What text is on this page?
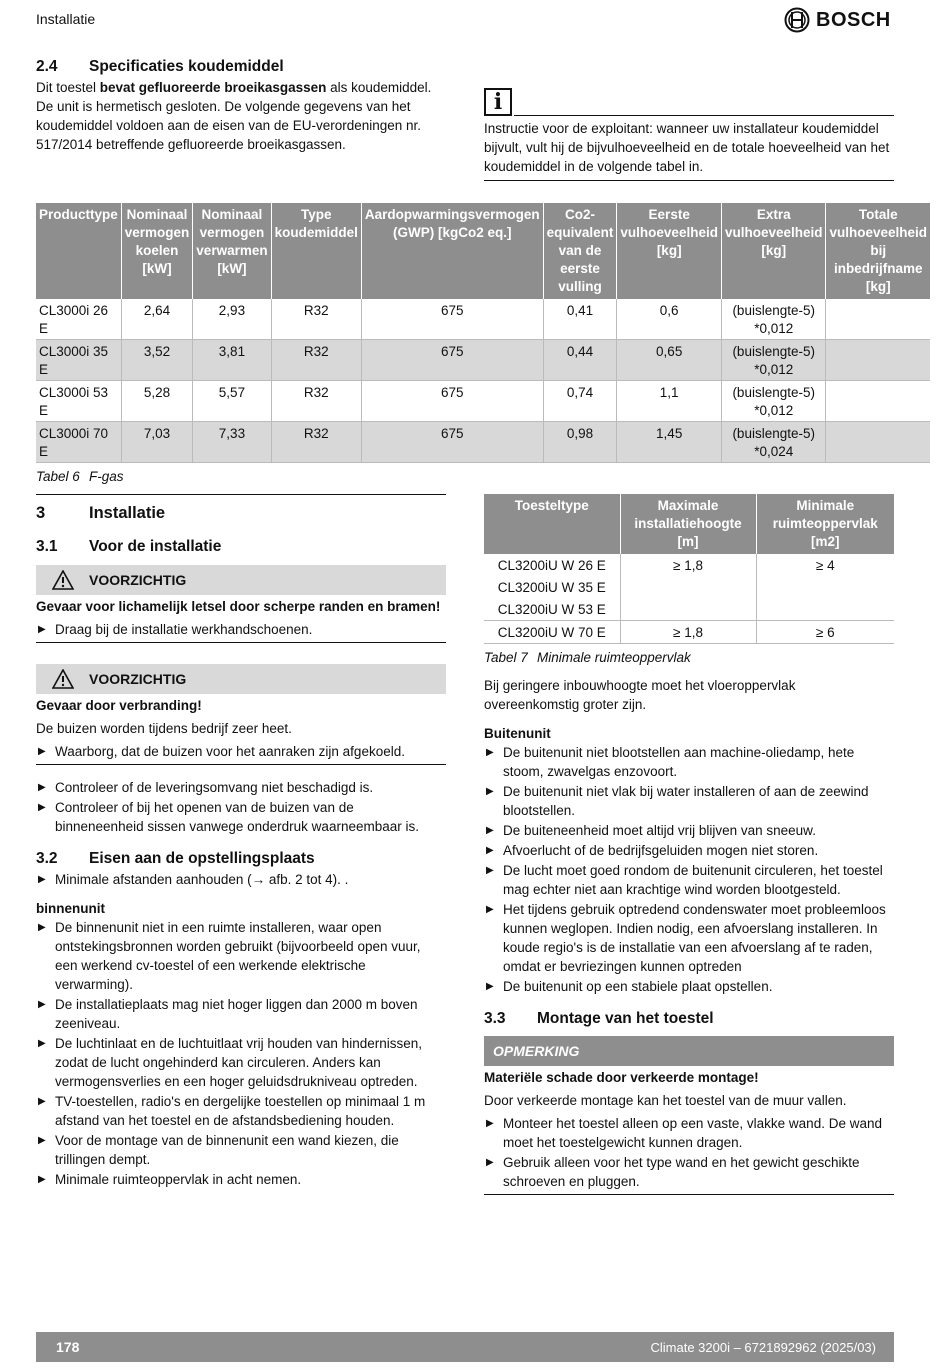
Installatie	BOSCH
2.4	Specificaties koudemiddel

Dit toestel bevat gefluoreerde broeikasgassen als koudemiddel. De unit is hermetisch gesloten. De volgende gegevens van het koudemiddel voldoen aan de eisen van de EU-verordeningen nr. 517/2014 betreffende gefluoreerde broeikasgassen.

i

Instructie voor de exploitant: wanneer uw installateur koudemiddel bijvult, vult hij de bijvulhoeveelheid en de totale hoeveelheid van het koudemiddel in de volgende tabel in.

Producttype	Nominaal vermogen koelen [kW]	Nominaal vermogen verwarmen [kW]	Type koudemiddel	Aardopwarmingsvermogen (GWP) [kgCo2 eq.]	Co2-equivalent van de eerste vulling	Eerste vulhoeveelheid [kg]	Extra vulhoeveelheid [kg]	Totale vulhoeveelheid bij inbedrijfname [kg]
CL3000i 26 E	2,64	2,93	R32	675	0,41	0,6	(buislengte-5) *0,012	
CL3000i 35 E	3,52	3,81	R32	675	0,44	0,65	(buislengte-5) *0,012	
CL3000i 53 E	5,28	5,57	R32	675	0,74	1,1	(buislengte-5) *0,012	
CL3000i 70 E	7,03	7,33	R32	675	0,98	1,45	(buislengte-5) *0,024	
Tabel 6 F-gas
3	Installatie
3.1	Voor de installatie
VOORZICHTIG

Gevaar voor lichamelijk letsel door scherpe randen en bramen!

▶ Draag bij de installatie werkhandschoenen.
VOORZICHTIG

Gevaar door verbranding!

De buizen worden tijdens bedrijf zeer heet.

▶ Waarborg, dat de buizen voor het aanraken zijn afgekoeld.
▶ Controleer of de leveringsomvang niet beschadigd is.
▶ Controleer of bij het openen van de buizen van de binneneenheid sissen vanwege onderdruk waarneembaar is.
3.2	Eisen aan de opstellingsplaats
▶ Minimale afstanden aanhouden (→ afb. 2 tot 4). .

binnenunit

▶ De binnenunit niet in een ruimte installeren, waar open ontstekingsbronnen worden gebruikt (bijvoorbeeld open vuur, een werkend cv-toestel of een werkende elektrische verwarming).
▶ De installatieplaats mag niet hoger liggen dan 2000 m boven zeeniveau.
▶ De luchtinlaat en de luchtuitlaat vrij houden van hindernissen, zodat de lucht ongehinderd kan circuleren. Anders kan vermogensverlies en een hoger geluidsdrukniveau optreden.
▶ TV-toestellen, radio's en dergelijke toestellen op minimaal 1 m afstand van het toestel en de afstandsbediening houden.
▶ Voor de montage van de binnenunit een wand kiezen, die trillingen dempt.
▶ Minimale ruimteoppervlak in acht nemen.
Toesteltype	Maximale installatiehoogte [m]	Minimale ruimteoppervlak [m2]
CL3200iU W 26 E	≥ 1,8	≥ 4
CL3200iU W 35 E		
CL3200iU W 53 E		
CL3200iU W 70 E	≥ 1,8	≥ 6
Tabel 7 Minimale ruimteoppervlak

Bij geringere inbouwhoogte moet het vloeroppervlak overeenkomstig groter zijn.

Buitenunit

▶ De buitenunit niet blootstellen aan machine-oliedamp, hete stoom, zwavelgas enzovoort.
▶ De buitenunit niet vlak bij water installeren of aan de zeewind blootstellen.
▶ De buiteneenheid moet altijd vrij blijven van sneeuw.
▶ Afvoerlucht of de bedrijfsgeluiden mogen niet storen.
▶ De lucht moet goed rondom de buitenunit circuleren, het toestel mag echter niet aan krachtige wind worden blootgesteld.
▶ Het tijdens gebruik optredend condenswater moet probleemloos kunnen weglopen. Indien nodig, een afvoerslang installeren. In koude regio's is de installatie van een afvoerslang af te raden, omdat er bevriezingen kunnen optreden
▶ De buitenunit op een stabiele plaat opstellen.
3.3	Montage van het toestel
OPMERKING

Materiële schade door verkeerde montage!

Door verkeerde montage kan het toestel van de muur vallen.

▶ Monteer het toestel alleen op een vaste, vlakke wand. De wand moet het toestelgewicht kunnen dragen.
▶ Gebruik alleen voor het type wand en het gewicht geschikte schroeven en pluggen.
178	Climate 3200i – 6721892962 (2025/03)
